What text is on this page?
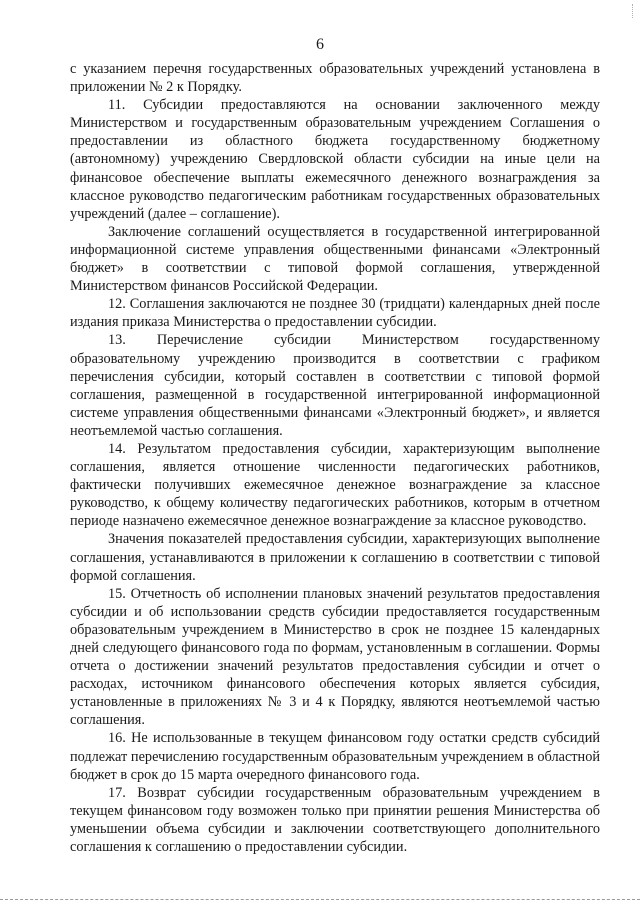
6

с указанием перечня государственных образовательных учреждений установлена в приложении № 2 к Порядку.

11. Субсидии предоставляются на основании заключенного между Министерством и государственным образовательным учреждением Соглашения о предоставлении из областного бюджета государственному бюджетному (автономному) учреждению Свердловской области субсидии на иные цели на финансовое обеспечение выплаты ежемесячного денежного вознаграждения за классное руководство педагогическим работникам государственных образовательных учреждений (далее – соглашение).

Заключение соглашений осуществляется в государственной интегрированной информационной системе управления общественными финансами «Электронный бюджет» в соответствии с типовой формой соглашения, утвержденной Министерством финансов Российской Федерации.

12. Соглашения заключаются не позднее 30 (тридцати) календарных дней после издания приказа Министерства о предоставлении субсидии.

13. Перечисление субсидии Министерством государственному образовательному учреждению производится в соответствии с графиком перечисления субсидии, который составлен в соответствии с типовой формой соглашения, размещенной в государственной интегрированной информационной системе управления общественными финансами «Электронный бюджет», и является неотъемлемой частью соглашения.

14. Результатом предоставления субсидии, характеризующим выполнение соглашения, является отношение численности педагогических работников, фактически получивших ежемесячное денежное вознаграждение за классное руководство, к общему количеству педагогических работников, которым в отчетном периоде назначено ежемесячное денежное вознаграждение за классное руководство.

Значения показателей предоставления субсидии, характеризующих выполнение соглашения, устанавливаются в приложении к соглашению в соответствии с типовой формой соглашения.

15. Отчетность об исполнении плановых значений результатов предоставления субсидии и об использовании средств субсидии предоставляется государственным образовательным учреждением в Министерство в срок не позднее 15 календарных дней следующего финансового года по формам, установленным в соглашении. Формы отчета о достижении значений результатов предоставления субсидии и отчет о расходах, источником финансового обеспечения которых является субсидия, установленные в приложениях № 3 и 4 к Порядку, являются неотъемлемой частью соглашения.

16. Не использованные в текущем финансовом году остатки средств субсидий подлежат перечислению государственным образовательным учреждением в областной бюджет в срок до 15 марта очередного финансового года.

17. Возврат субсидии государственным образовательным учреждением в текущем финансовом году возможен только при принятии решения Министерства об уменьшении объема субсидии и заключении соответствующего дополнительного соглашения к соглашению о предоставлении субсидии.
